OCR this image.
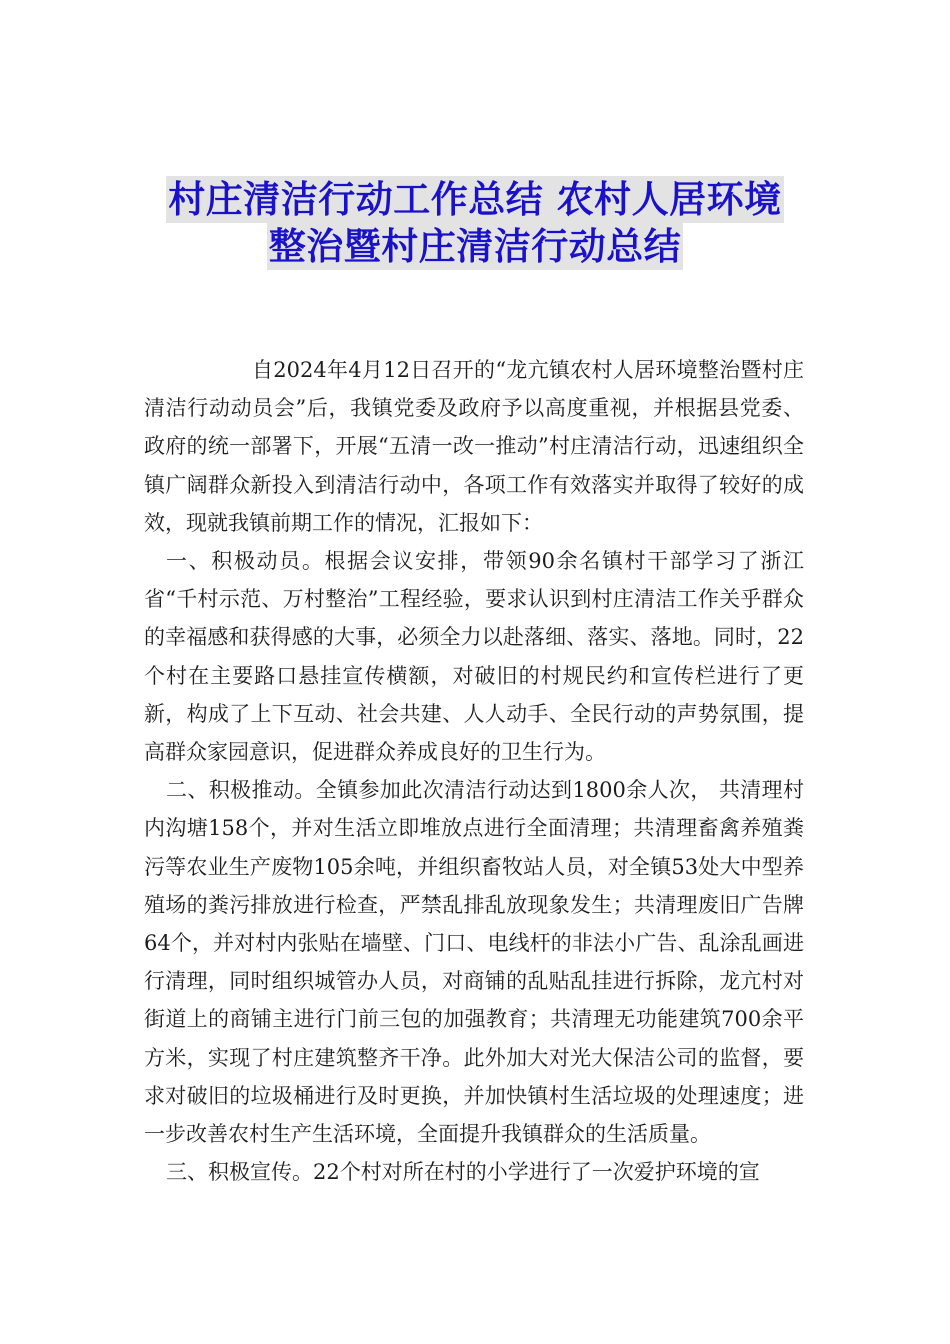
村庄清洁行动工作总结 农村人居环境
整治暨村庄清洁行动总结

自2024年4月12日召开的“龙亢镇农村人居环境整治暨村庄清洁行动动员会”后，我镇党委及政府予以高度重视，并根据县党委、政府的统一部署下，开展“五清一改一推动”村庄清洁行动，迅速组织全镇广阔群众新投入到清洁行动中，各项工作有效落实并取得了较好的成效，现就我镇前期工作的情况，汇报如下：

一、积极动员。根据会议安排，带领90余名镇村干部学习了浙江省“千村示范、万村整治”工程经验，要求认识到村庄清洁工作关乎群众的幸福感和获得感的大事，必须全力以赴落细、落实、落地。同时，22个村在主要路口悬挂宣传横额，对破旧的村规民约和宣传栏进行了更新，构成了上下互动、社会共建、人人动手、全民行动的声势氛围，提高群众家园意识，促进群众养成良好的卫生行为。

二、积极推动。全镇参加此次清洁行动达到1800余人次， 共清理村内沟塘158个，并对生活立即堆放点进行全面清理；共清理畜禽养殖粪污等农业生产废物105余吨，并组织畜牧站人员，对全镇53处大中型养殖场的粪污排放进行检查，严禁乱排乱放现象发生；共清理废旧广告牌64个，并对村内张贴在墙壁、门口、电线杆的非法小广告、乱涂乱画进行清理，同时组织城管办人员，对商铺的乱贴乱挂进行拆除，龙亢村对街道上的商铺主进行门前三包的加强教育；共清理无功能建筑700余平方米，实现了村庄建筑整齐干净。此外加大对光大保洁公司的监督，要求对破旧的垃圾桶进行及时更换，并加快镇村生活垃圾的处理速度；进一步改善农村生产生活环境，全面提升我镇群众的生活质量。

三、积极宣传。22个村对所在村的小学进行了一次爱护环境的宣
